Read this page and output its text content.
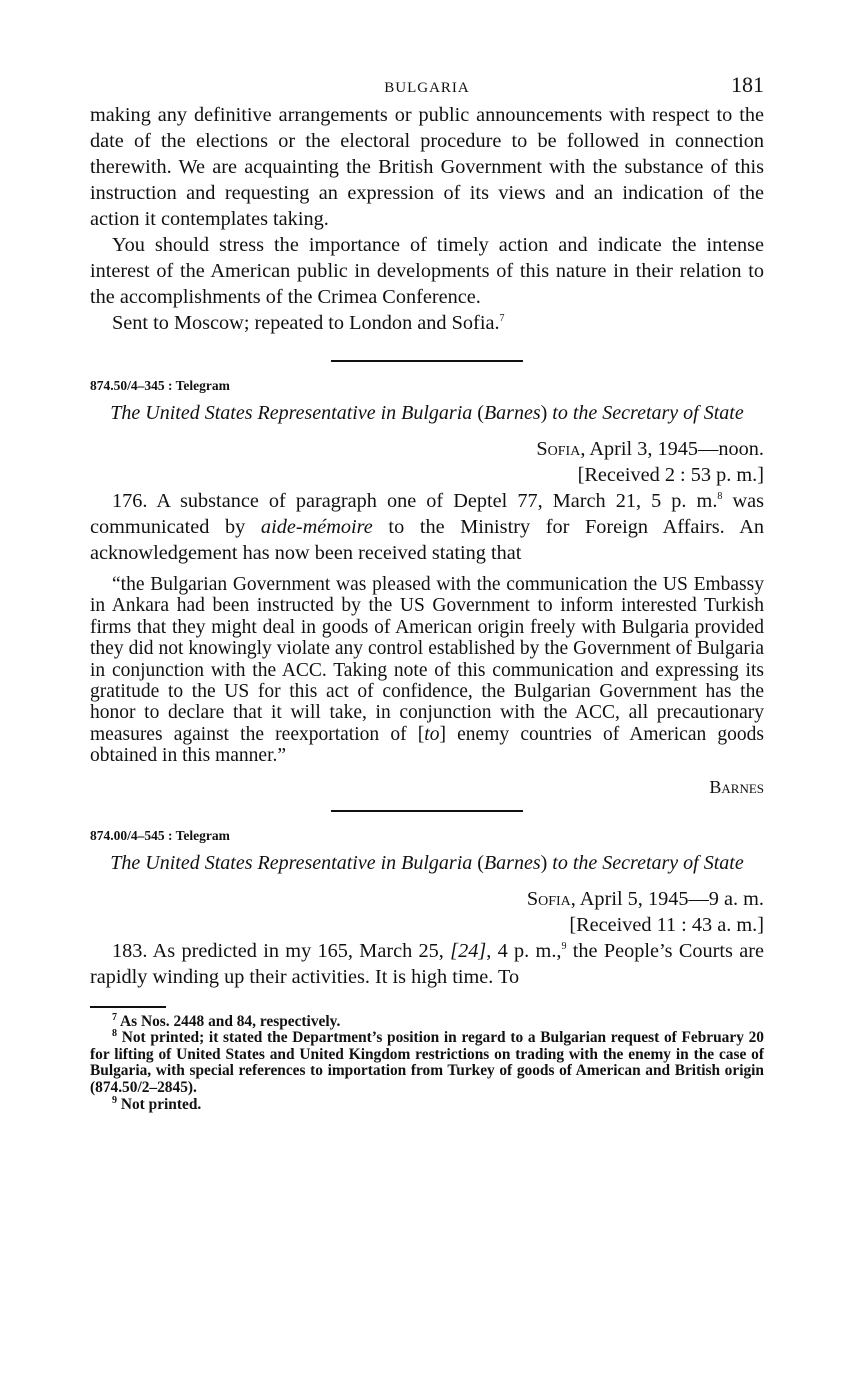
BULGARIA	181

making any definitive arrangements or public announcements with respect to the date of the elections or the electoral procedure to be followed in connection therewith. We are acquainting the British Government with the substance of this instruction and requesting an expression of its views and an indication of the action it contemplates taking.

You should stress the importance of timely action and indicate the intense interest of the American public in developments of this nature in their relation to the accomplishments of the Crimea Conference.

Sent to Moscow; repeated to London and Sofia.$^7$

874.50/4–345 : Telegram
The United States Representative in Bulgaria (Barnes) to the Secretary of State
Sofia, April 3, 1945—noon.
[Received 2 : 53 p. m.]

176. A substance of paragraph one of Deptel 77, March 21, 5 p. m.$^8$ was communicated by aide-mémoire to the Ministry for Foreign Affairs. An acknowledgement has now been received stating that

“the Bulgarian Government was pleased with the communication the US Embassy in Ankara had been instructed by the US Government to inform interested Turkish firms that they might deal in goods of American origin freely with Bulgaria provided they did not knowingly violate any control established by the Government of Bulgaria in conjunction with the ACC. Taking note of this communication and expressing its gratitude to the US for this act of confidence, the Bulgarian Government has the honor to declare that it will take, in conjunction with the ACC, all precautionary measures against the reexportation of [to] enemy countries of American goods obtained in this manner.”
Barnes
874.00/4–545 : Telegram
The United States Representative in Bulgaria (Barnes) to the Secretary of State
Sofia, April 5, 1945—9 a. m.
[Received 11 : 43 a. m.]

183. As predicted in my 165, March 25, [24], 4 p. m.,$^9$ the People’s Courts are rapidly winding up their activities. It is high time. To

$^7$ As Nos. 2448 and 84, respectively.

$^8$ Not printed; it stated the Department’s position in regard to a Bulgarian request of February 20 for lifting of United States and United Kingdom restrictions on trading with the enemy in the case of Bulgaria, with special references to importation from Turkey of goods of American and British origin (874.50/2–2845).

$^9$ Not printed.
